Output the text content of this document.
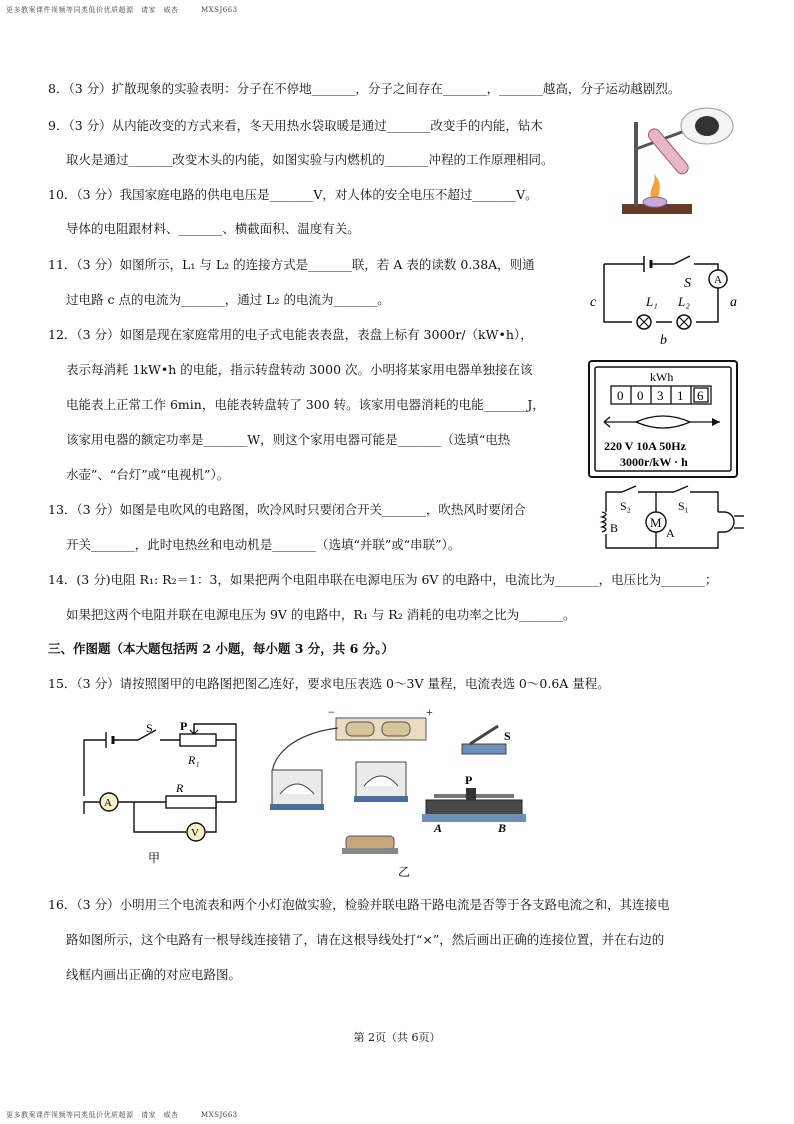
更多教案课件视频等同类低价优质超源　请家　威杏　　　MXSJ663
8．（3 分）扩散现象的实验表明：分子在不停地_______，分子之间存在_______，_______越高，分子运动越剧烈。
9．（3 分）从内能改变的方式来看，冬天用热水袋取暖是通过_______改变手的内能，钻木
取火是通过_______改变木头的内能，如图实验与内燃机的_______冲程的工作原理相同。
10．（3 分）我国家庭电路的供电电压是_______V，对人体的安全电压不超过_______V。
导体的电阻跟材料、_______、横截面积、温度有关。
11．（3 分）如图所示，L₁ 与 L₂ 的连接方式是_______联，若 A 表的读数 0.38A，则通
过电路 c 点的电流为_______，通过 L₂ 的电流为_______。
12．（3 分）如图是现在家庭常用的电子式电能表表盘，表盘上标有 3000r/（kW•h），
表示每消耗 1kW•h 的电能，指示转盘转动 3000 次。小明将某家用电器单独接在该
电能表上正常工作 6min，电能表转盘转了 300 转。该家用电器消耗的电能_______J，
该家用电器的额定功率是_______W，则这个家用电器可能是_______（选填“电热
水壶”、“台灯”或“电视机”）。
13．（3 分）如图是电吹风的电路图，吹冷风时只要闭合开关_______，吹热风时要闭合
开关_______，此时电热丝和电动机是_______（选填“并联”或“串联”）。
14．(3 分)电阻 R₁: R₂＝1：3，如果把两个电阻串联在电源电压为 6V 的电路中，电流比为_______，电压比为_______；
如果把这两个电阻并联在电源电压为 9V 的电路中，R₁ 与 R₂ 消耗的电功率之比为_______。
三、作图题（本大题包括两 2 小题，每小题 3 分，共 6 分。）
15．（3 分）请按照图甲的电路图把图乙连好，要求电压表选 0～3V 量程，电流表选 0～0.6A 量程。
16．（3 分）小明用三个电流表和两个小灯泡做实验，检验并联电路干路电流是否等于各支路电流之和，其连接电
路如图所示，这个电路有一根导线连接错了，请在这根导线处打“×”，然后画出正确的连接位置，并在右边的
线框内画出正确的对应电路图。
A
S
c	a
b
L₁ L₂
kWh
0 0 3 1 6
220 V 10A 50Hz
3000r/kW · h
M
A
B
S₂	S₁
A
V
S P
R₁
R
甲
−	+
S
P
A	B
乙
第 2页（共 6页）
更多教案课件视频等同类低价优质超源　请家　威杏　　　MXSJ663
